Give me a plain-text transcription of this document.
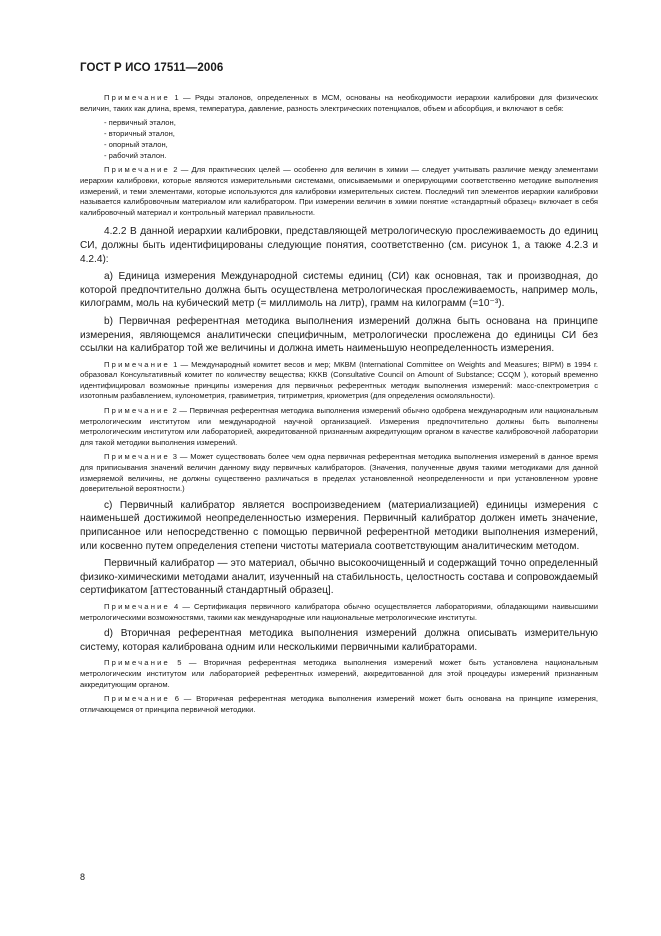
ГОСТ Р ИСО 17511—2006

Примечание 1 — Ряды эталонов, определенных в МСМ, основаны на необходимости иерархии калибровки для физических величин, таких как длина, время, температура, давление, разность электрических потенциалов, объем и абсорбция, и включают в себя:

- первичный эталон,
- вторичный эталон,
- опорный эталон,
- рабочий эталон.

Примечание 2 — Для практических целей — особенно для величин в химии — следует учитывать различие между элементами иерархии калибровки, которые являются измерительными системами, описываемыми и оперирующими соответственно методике выполнения измерений, и теми элементами, которые используются для калибровки измерительных систем. Последний тип элементов иерархии калибровки называется калибровочным материалом или калибратором. При измерении величин в химии понятие «стандартный образец» включает в себя калибровочный материал и контрольный материал правильности.

4.2.2 В данной иерархии калибровки, представляющей метрологическую прослеживаемость до единиц СИ, должны быть идентифицированы следующие понятия, соответственно (см. рисунок 1, а также 4.2.3 и 4.2.4):

a) Единица измерения Международной системы единиц (СИ) как основная, так и производная, до которой предпочтительно должна быть осуществлена метрологическая прослеживаемость, например моль, килограмм, моль на кубический метр (= миллимоль на литр), грамм на килограмм (=10⁻³).

b) Первичная референтная методика выполнения измерений должна быть основана на принципе измерения, являющемся аналитически специфичным, метрологически прослежена до единицы СИ без ссылки на калибратор той же величины и должна иметь наименьшую неопределенность измерения.

Примечание 1 — Международный комитет весов и мер; МКВМ (International Committee on Weights and Measures; BIPM) в 1994 г. образовал Консультативный комитет по количеству вещества; ККKВ (Consultative Council on Amount of Substance; CCQM ), который временно идентифицировал возможные принципы измерения для первичных референтных методик выполнения измерений: масс-спектрометрия с изотопным разбавлением, кулонометрия, гравиметрия, титриметрия, криометрия (для определения осмоляльности).

Примечание 2 — Первичная референтная методика выполнения измерений обычно одобрена международным или национальным метрологическим институтом или международной научной организацией. Измерения предпочтительно должны быть выполнены метрологическим институтом или лабораторией, аккредитованной признанным аккредитующим органом в качестве калибровочной лаборатории для такой методики выполнения измерений.

Примечание 3 — Может существовать более чем одна первичная референтная методика выполнения измерений в данное время для приписывания значений величин данному виду первичных калибраторов. (Значения, полученные двумя такими методиками для данной измеряемой величины, не должны существенно различаться в пределах установленной неопределенности и при установленном уровне доверительной вероятности.)

c) Первичный калибратор является воспроизведением (материализацией) единицы измерения с наименьшей достижимой неопределенностью измерения. Первичный калибратор должен иметь значение, приписанное или непосредственно с помощью первичной референтной методики выполнения измерений, или косвенно путем определения степени чистоты материала соответствующим аналитическим методом.

Первичный калибратор — это материал, обычно высокоочищенный и содержащий точно определенный физико-химическими методами аналит, изученный на стабильность, целостность состава и сопровождаемый сертификатом [аттестованный стандартный образец].

Примечание 4 — Сертификация первичного калибратора обычно осуществляется лабораториями, обладающими наивысшими метрологическими возможностями, такими как международные или национальные метрологические институты.

d) Вторичная референтная методика выполнения измерений должна описывать измерительную систему, которая калибрована одним или несколькими первичными калибраторами.

Примечание 5 — Вторичная референтная методика выполнения измерений может быть установлена национальным метрологическим институтом или лабораторией референтных измерений, аккредитованной для этой процедуры измерений признанным аккредитующим органом.

Примечание 6 — Вторичная референтная методика выполнения измерений может быть основана на принципе измерения, отличающемся от принципа первичной методики.

8
